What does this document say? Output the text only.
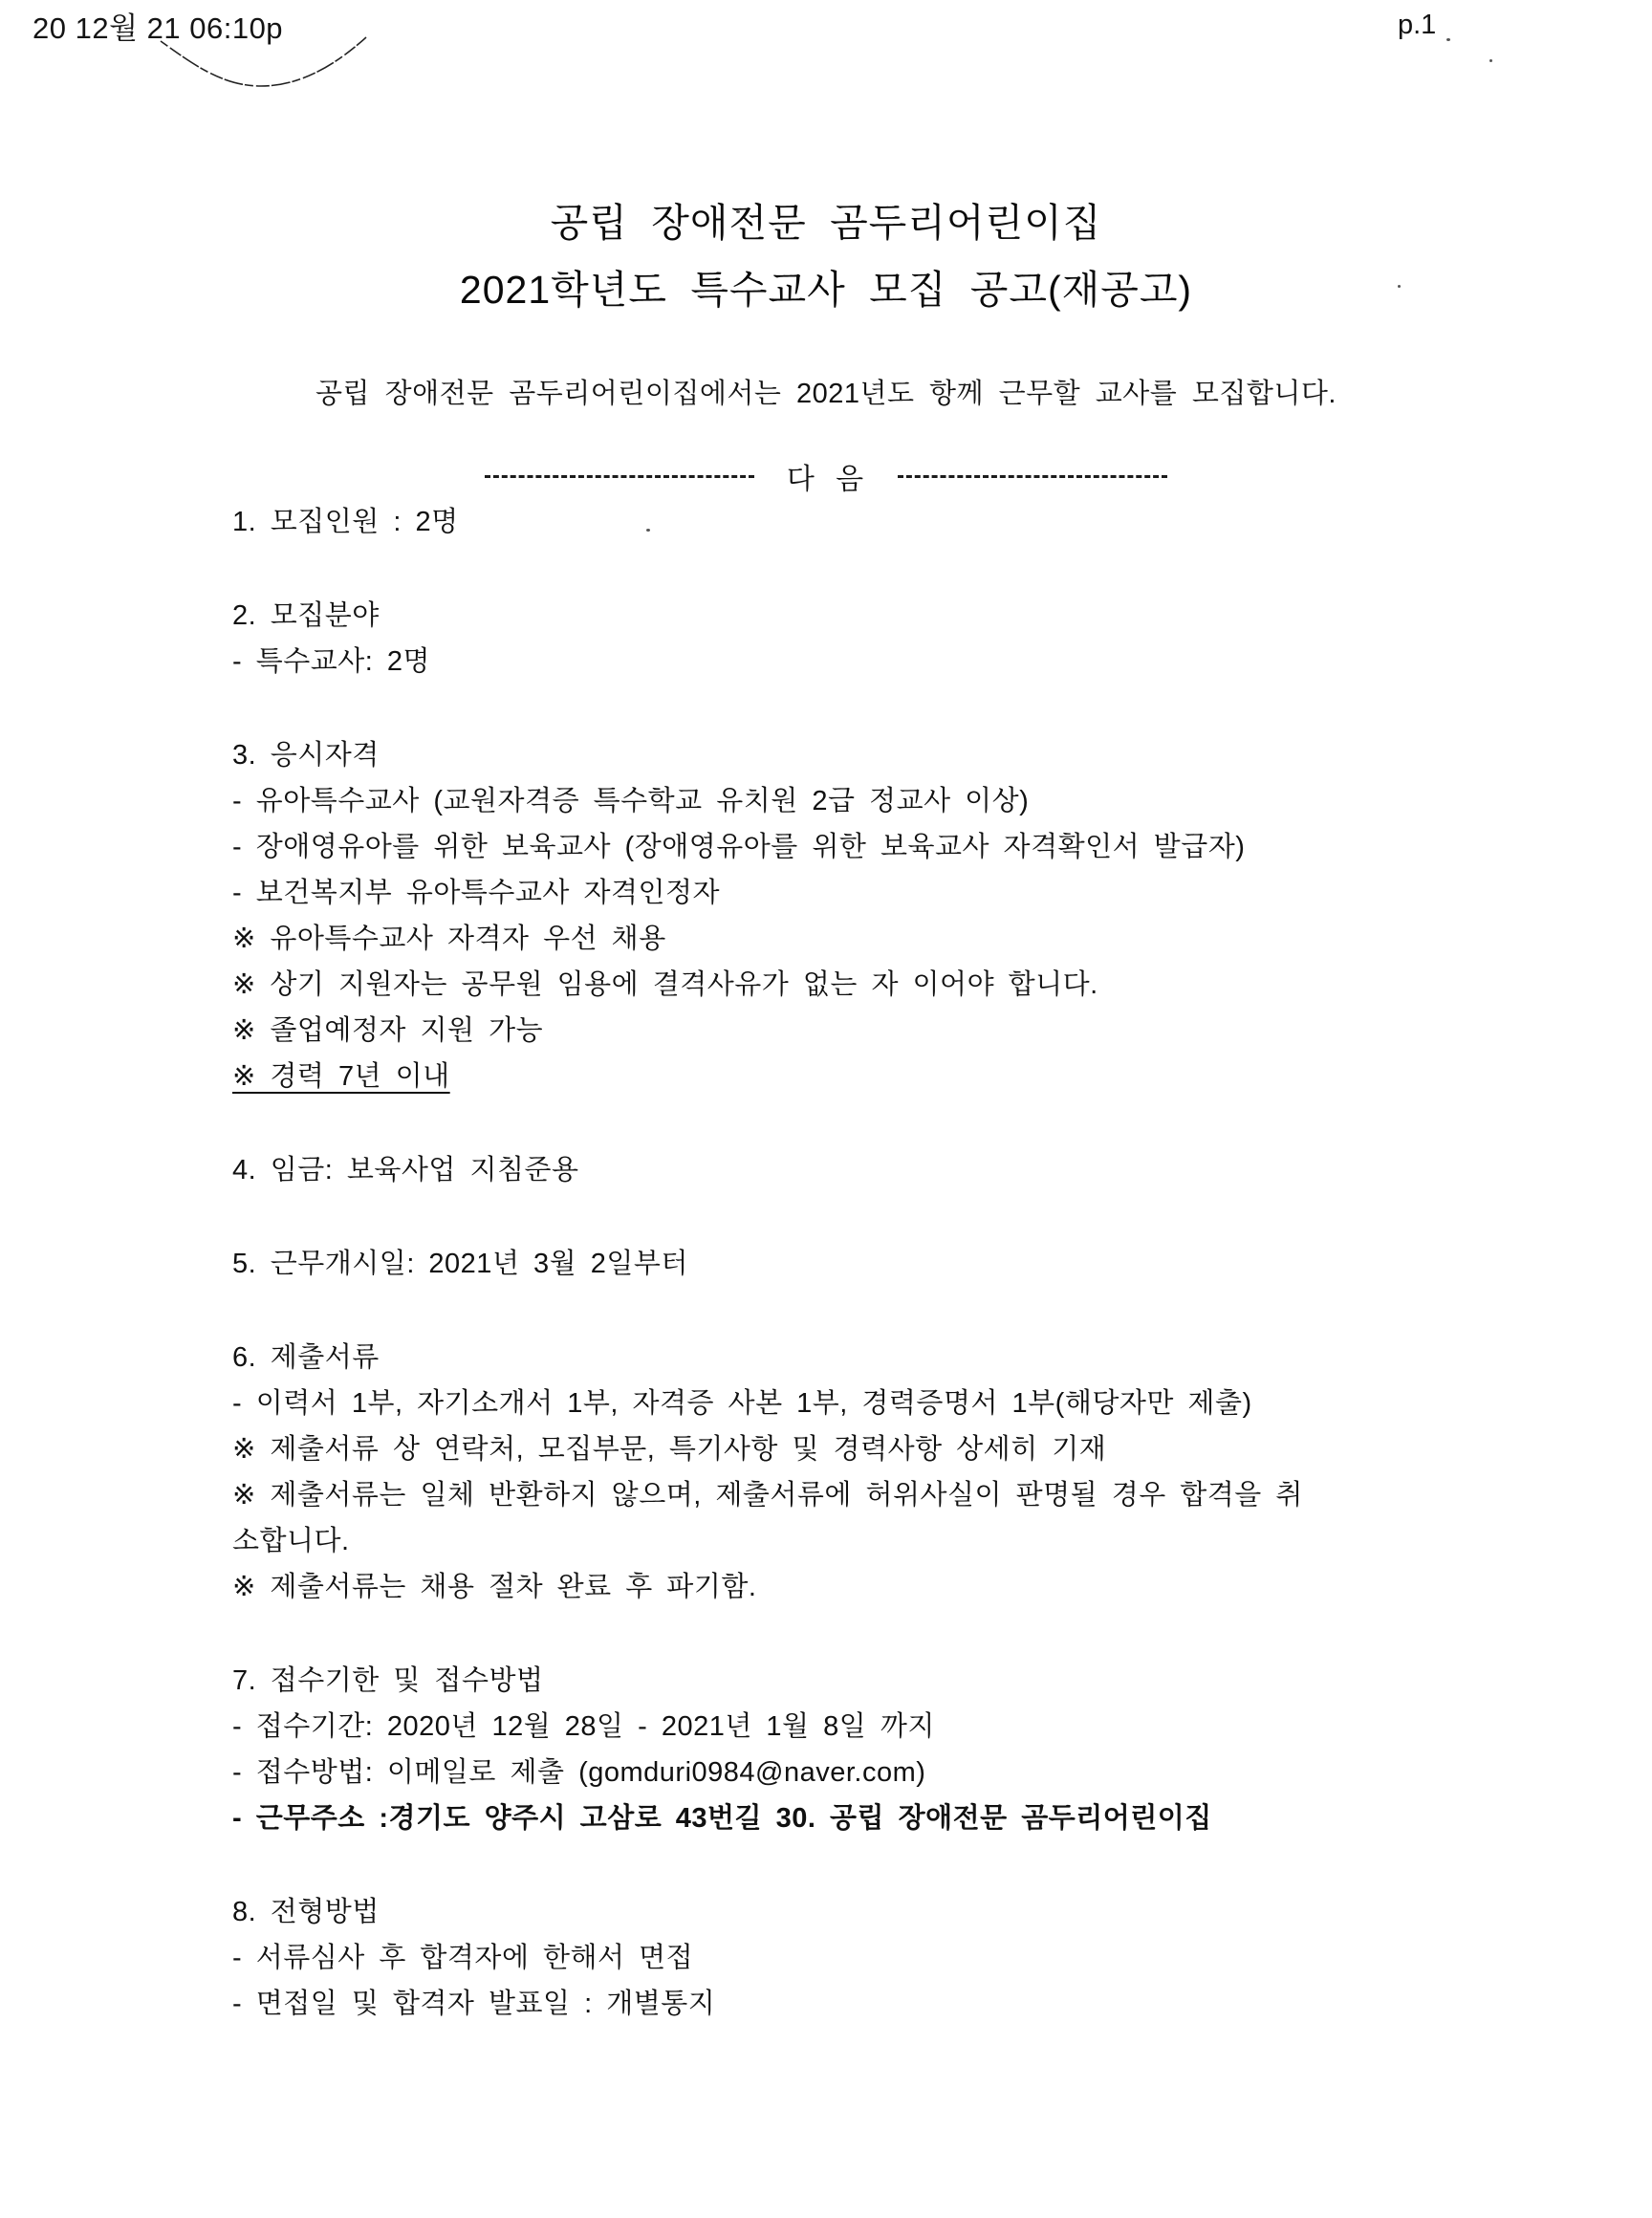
20 12월 21 06:10p	p.1
공립 장애전문 곰두리어린이집
2021학년도 특수교사 모집 공고(재공고)
공립 장애전문 곰두리어린이집에서는 2021년도 항께 근무할 교사를 모집합니다.
다 음
1. 모집인원 : 2명
2. 모집분야
- 특수교사: 2명
3. 응시자격
- 유아특수교사 (교원자격증 특수학교 유치원 2급 정교사 이상)
- 장애영유아를 위한 보육교사 (장애영유아를 위한 보육교사 자격확인서 발급자)
- 보건복지부 유아특수교사 자격인정자
※ 유아특수교사 자격자 우선 채용
※ 상기 지원자는 공무원 임용에 결격사유가 없는 자 이어야 합니다.
※ 졸업예정자 지원 가능
※ 경력 7년 이내
4. 임금: 보육사업 지침준용
5. 근무개시일: 2021년 3월 2일부터
6. 제출서류
- 이력서 1부, 자기소개서 1부, 자격증 사본 1부, 경력증명서 1부(해당자만 제출)
※ 제출서류 상 연락처, 모집부문, 특기사항 및 경력사항 상세히 기재
※ 제출서류는 일체 반환하지 않으며, 제출서류에 허위사실이 판명될 경우 합격을 취
소합니다.
※ 제출서류는 채용 절차 완료 후 파기함.
7. 접수기한 및 접수방법
- 접수기간: 2020년 12월 28일 - 2021년 1월 8일 까지
- 접수방법: 이메일로 제출 (gomduri0984@naver.com)
- 근무주소 :경기도 양주시 고삼로 43번길 30. 공립 장애전문 곰두리어린이집
8. 전형방법
- 서류심사 후 합격자에 한해서 면접
- 면접일 및 합격자 발표일 : 개별통지
